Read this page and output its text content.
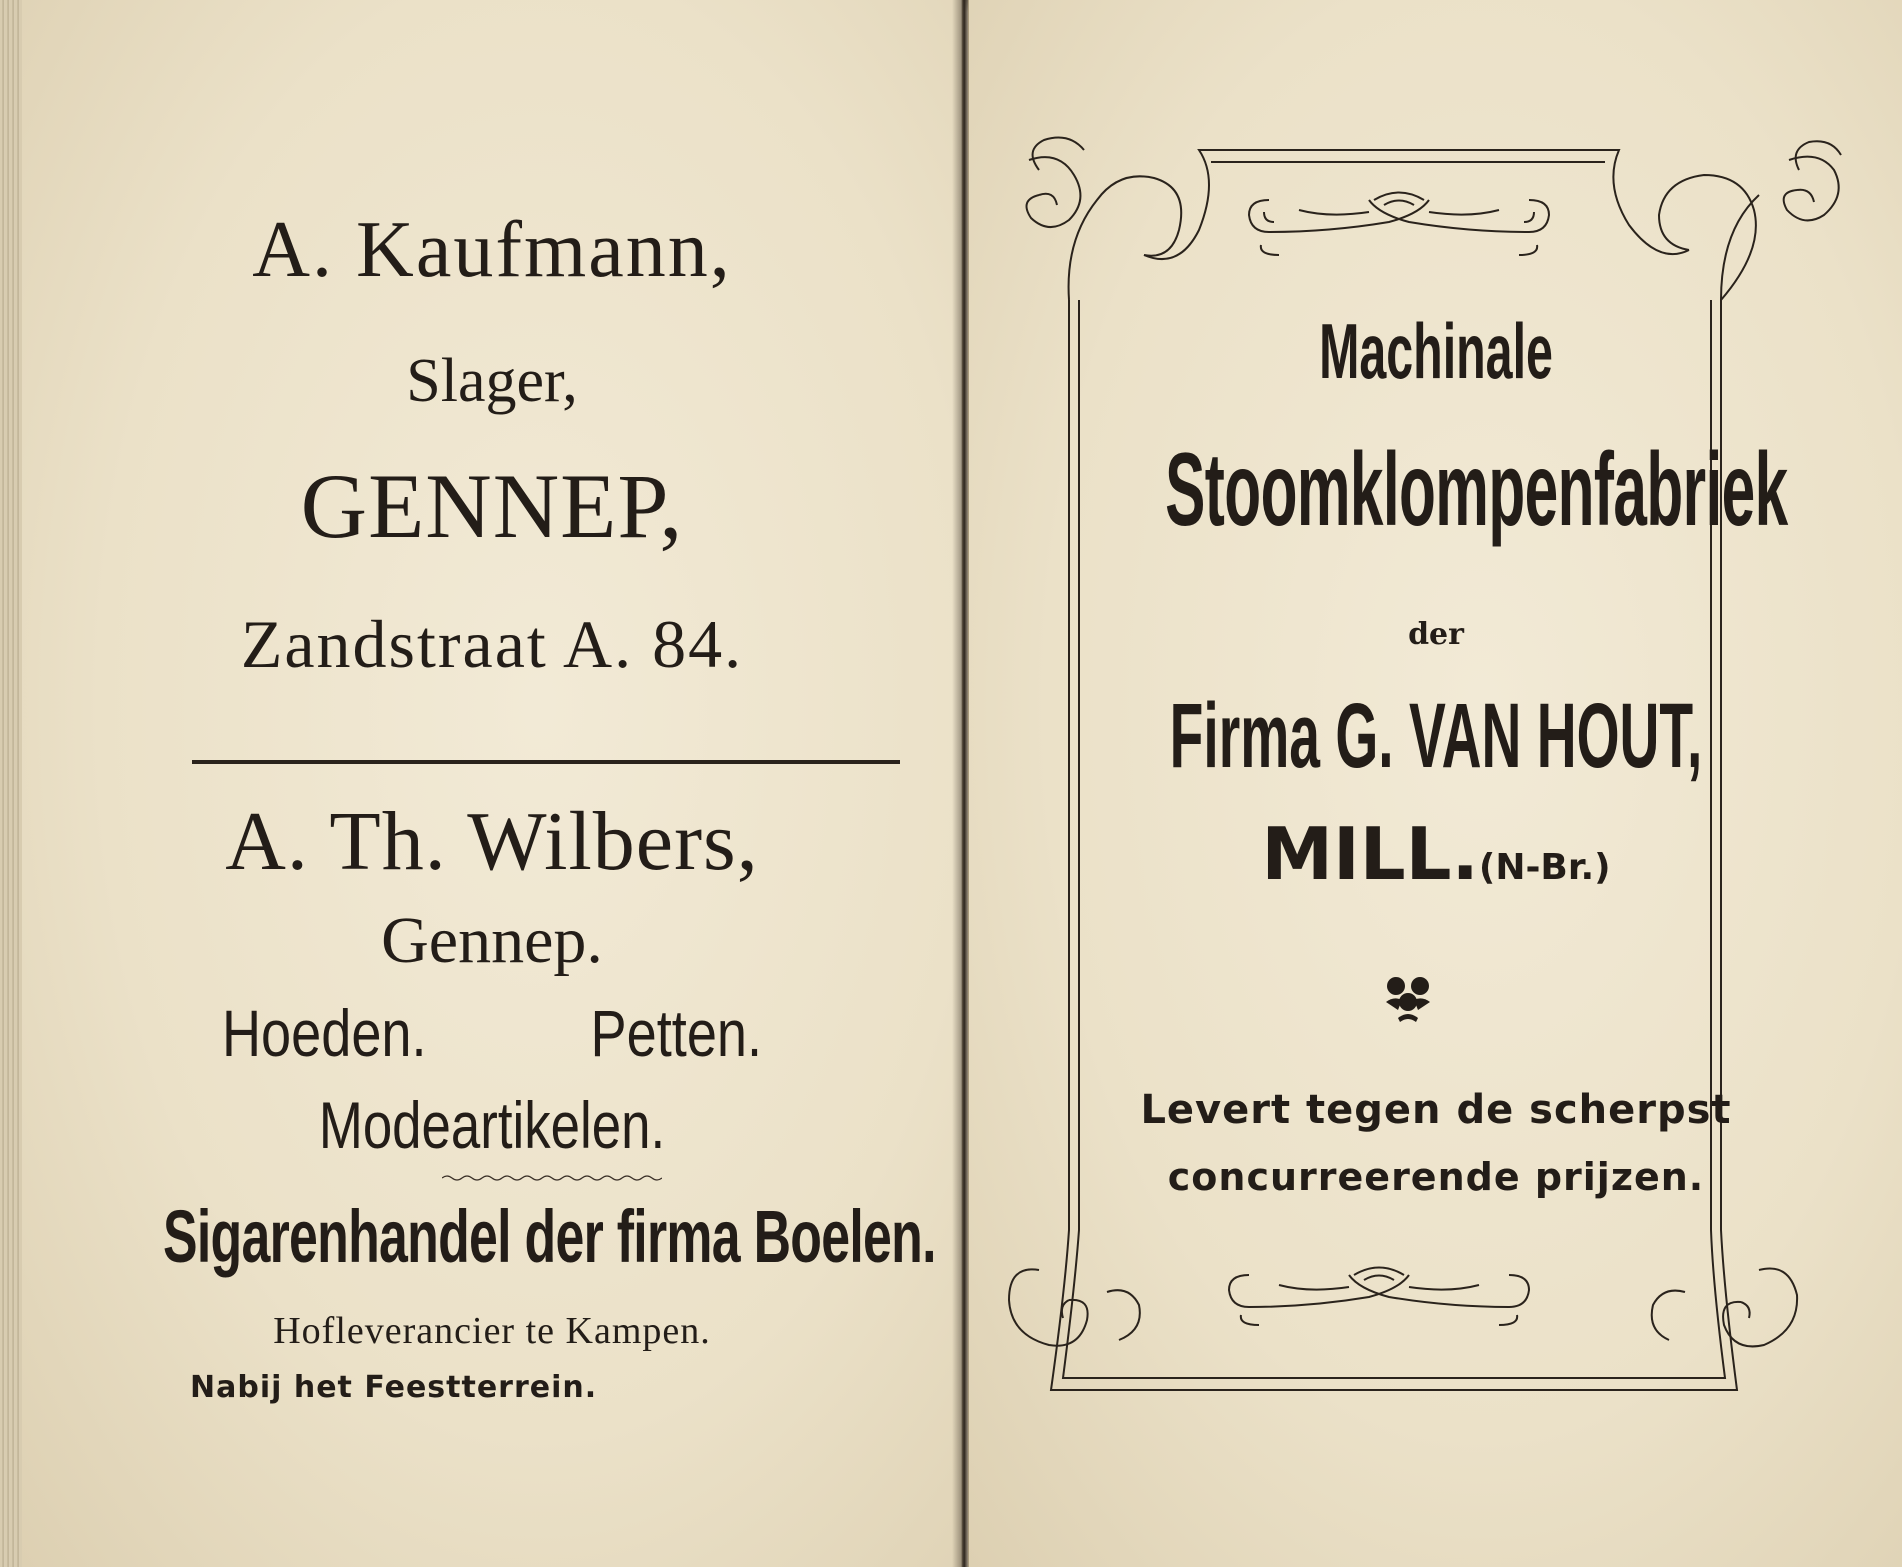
A. Kaufmann,
Slager,
GENNEP,
Zandstraat A. 84.
A. Th. Wilbers,
Gennep.
Hoeden. Petten.
Modeartikelen.
Sigarenhandel der firma Boelen.
Hofleverancier te Kampen.
Nabij het Feestterrein.
Machinale
Stoomklompenfabriek
der
Firma G. VAN HOUT,
MILL.(N-Br.)
Levert tegen de scherpst
concurreerende prijzen.
